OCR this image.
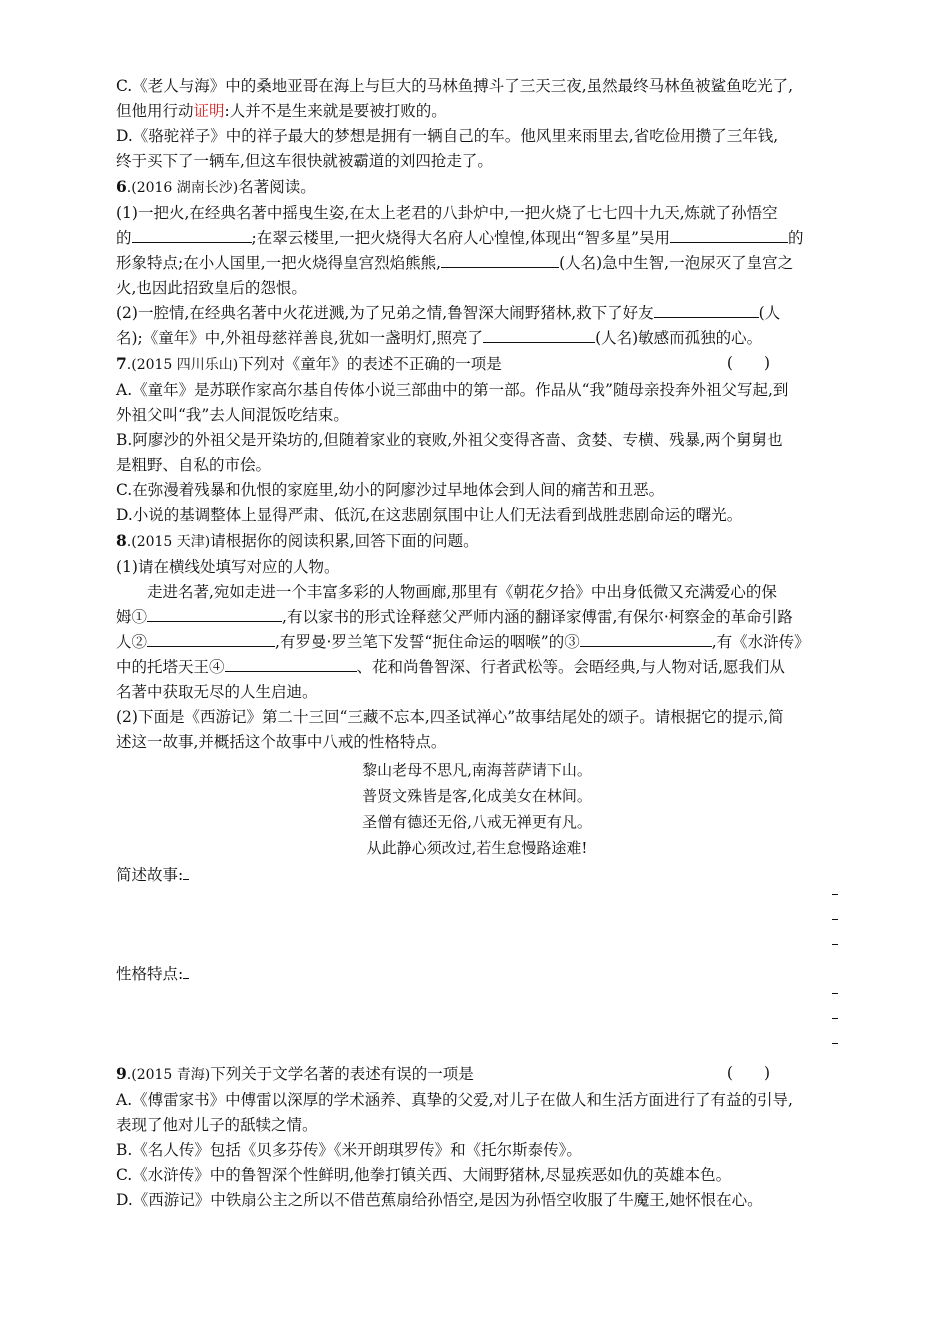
C.《老人与海》中的桑地亚哥在海上与巨大的马林鱼搏斗了三天三夜,虽然最终马林鱼被鲨鱼吃光了,

但他用行动证明:人并不是生来就是要被打败的。

D.《骆驼祥子》中的祥子最大的梦想是拥有一辆自己的车。他风里来雨里去,省吃俭用攒了三年钱,

终于买下了一辆车,但这车很快就被霸道的刘四抢走了。

6.(2016 湖南长沙)名著阅读。

(1)一把火,在经典名著中摇曳生姿,在太上老君的八卦炉中,一把火烧了七七四十九天,炼就了孙悟空

的	;在翠云楼里,一把火烧得大名府人心惶惶,体现出“智多星”吴用	的

形象特点;在小人国里,一把火烧得皇宫烈焰熊熊,	(人名)急中生智,一泡尿灭了皇宫之

火,也因此招致皇后的怨恨。

(2)一腔情,在经典名著中火花迸溅,为了兄弟之情,鲁智深大闹野猪林,救下了好友	(人

名);《童年》中,外祖母慈祥善良,犹如一盏明灯,照亮了	(人名)敏感而孤独的心。

7.(2015 四川乐山)下列对《童年》的表述不正确的一项是	(　　)

A.《童年》是苏联作家高尔基自传体小说三部曲中的第一部。作品从“我”随母亲投奔外祖父写起,到

外祖父叫“我”去人间混饭吃结束。

B.阿廖沙的外祖父是开染坊的,但随着家业的衰败,外祖父变得吝啬、贪婪、专横、残暴,两个舅舅也

是粗野、自私的市侩。

C.在弥漫着残暴和仇恨的家庭里,幼小的阿廖沙过早地体会到人间的痛苦和丑恶。

D.小说的基调整体上显得严肃、低沉,在这悲剧氛围中让人们无法看到战胜悲剧命运的曙光。

8.(2015 天津)请根据你的阅读积累,回答下面的问题。

(1)请在横线处填写对应的人物。

走进名著,宛如走进一个丰富多彩的人物画廊,那里有《朝花夕拾》中出身低微又充满爱心的保

姆①	,有以家书的形式诠释慈父严师内涵的翻译家傅雷,有保尔·柯察金的革命引路

人②	,有罗曼·罗兰笔下发誓“扼住命运的咽喉”的③	,有《水浒传》

中的托塔天王④	、花和尚鲁智深、行者武松等。会晤经典,与人物对话,愿我们从

名著中获取无尽的人生启迪。

(2)下面是《西游记》第二十三回“三藏不忘本,四圣试禅心”故事结尾处的颂子。请根据它的提示,简

述这一故事,并概括这个故事中八戒的性格特点。

黎山老母不思凡,南海菩萨请下山。
普贤文殊皆是客,化成美女在林间。
圣僧有德还无俗,八戒无禅更有凡。
从此静心须改过,若生怠慢路途难!

简述故事:

性格特点:

9.(2015 青海)下列关于文学名著的表述有误的一项是	(　　)

A.《傅雷家书》中傅雷以深厚的学术涵养、真挚的父爱,对儿子在做人和生活方面进行了有益的引导,

表现了他对儿子的舐犊之情。

B.《名人传》包括《贝多芬传》《米开朗琪罗传》和《托尔斯泰传》。

C.《水浒传》中的鲁智深个性鲜明,他拳打镇关西、大闹野猪林,尽显疾恶如仇的英雄本色。

D.《西游记》中铁扇公主之所以不借芭蕉扇给孙悟空,是因为孙悟空收服了牛魔王,她怀恨在心。
